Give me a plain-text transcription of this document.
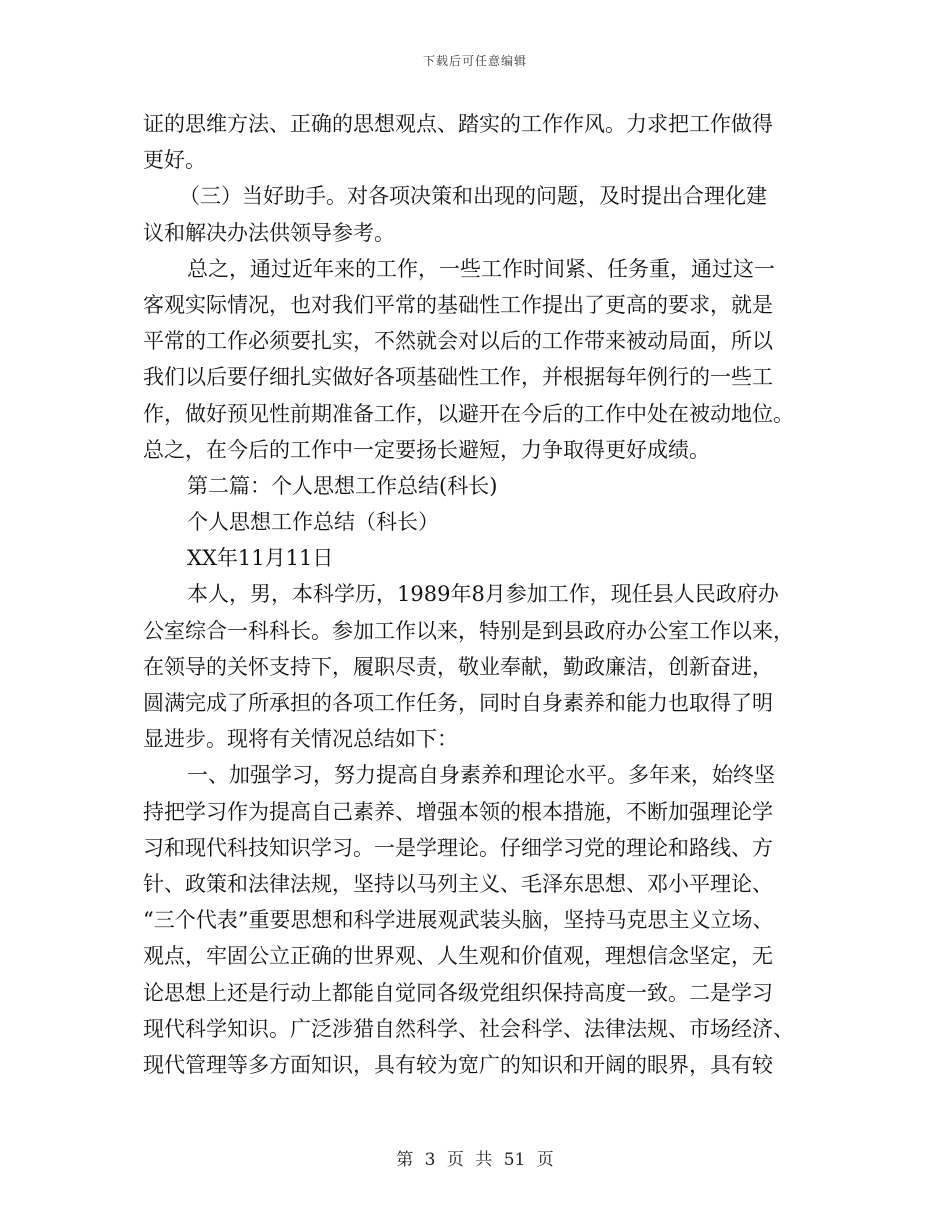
下载后可任意编辑
证的思维方法、正确的思想观点、踏实的工作作风。力求把工作做得
更好。
（三）当好助手。对各项决策和出现的问题，及时提出合理化建
议和解决办法供领导参考。
总之，通过近年来的工作，一些工作时间紧、任务重，通过这一
客观实际情况，也对我们平常的基础性工作提出了更高的要求，就是
平常的工作必须要扎实，不然就会对以后的工作带来被动局面，所以
我们以后要仔细扎实做好各项基础性工作，并根据每年例行的一些工
作，做好预见性前期准备工作，以避开在今后的工作中处在被动地位。
总之，在今后的工作中一定要扬长避短，力争取得更好成绩。
第二篇：个人思想工作总结(科长)
个人思想工作总结（科长）
XX年11月11日
本人，男，本科学历，1989年8月参加工作，现任县人民政府办
公室综合一科科长。参加工作以来，特别是到县政府办公室工作以来，
在领导的关怀支持下，履职尽责，敬业奉献，勤政廉洁，创新奋进，
圆满完成了所承担的各项工作任务，同时自身素养和能力也取得了明
显进步。现将有关情况总结如下：
一、加强学习，努力提高自身素养和理论水平。多年来，始终坚
持把学习作为提高自己素养、增强本领的根本措施，不断加强理论学
习和现代科技知识学习。一是学理论。仔细学习党的理论和路线、方
针、政策和法律法规，坚持以马列主义、毛泽东思想、邓小平理论、
“三个代表”重要思想和科学进展观武装头脑，坚持马克思主义立场、
观点，牢固公立正确的世界观、人生观和价值观，理想信念坚定，无
论思想上还是行动上都能自觉同各级党组织保持高度一致。二是学习
现代科学知识。广泛涉猎自然科学、社会科学、法律法规、市场经济、
现代管理等多方面知识，具有较为宽广的知识和开阔的眼界，具有较
第 3 页 共 51 页
